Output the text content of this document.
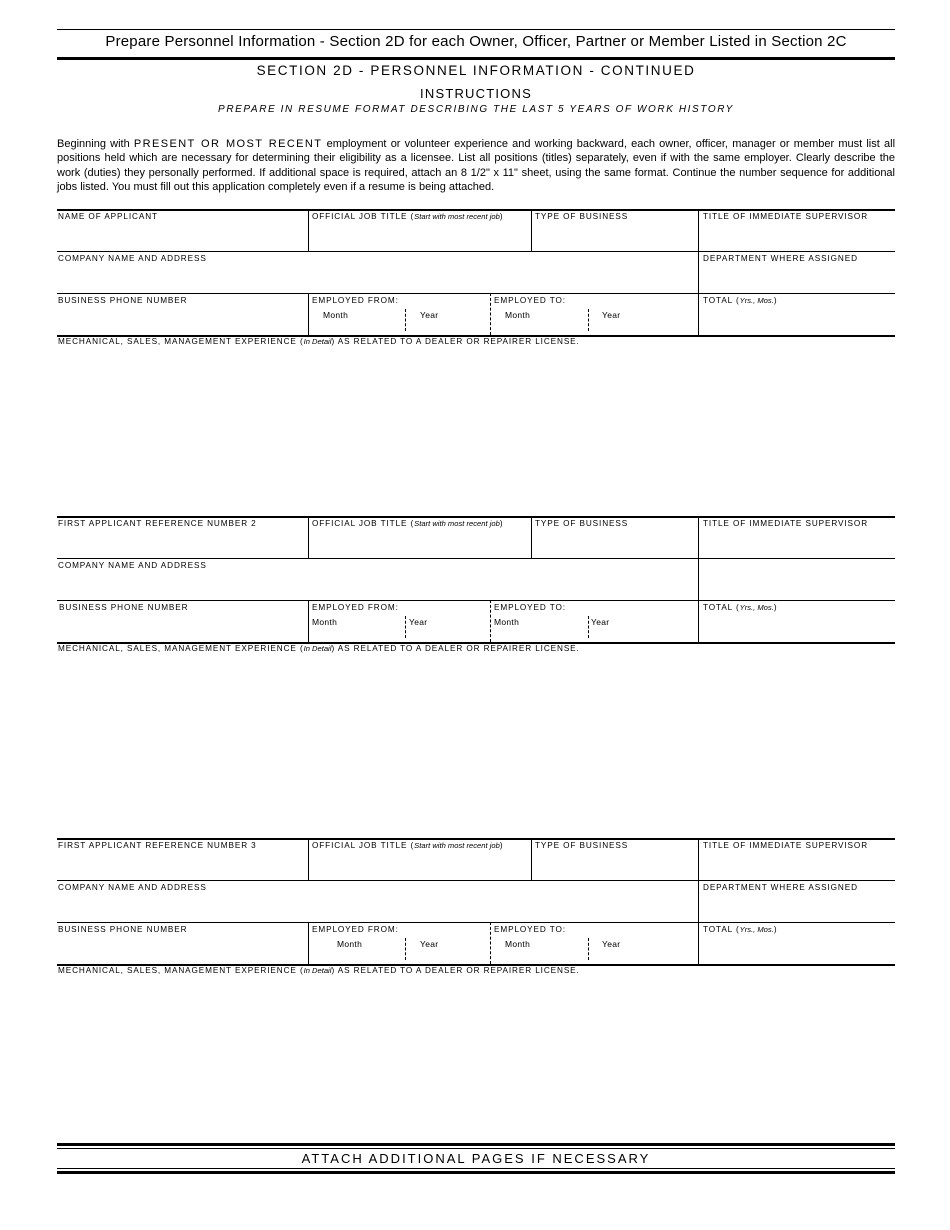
Prepare Personnel Information - Section 2D for each Owner, Officer, Partner or Member Listed in Section 2C
SECTION 2D - PERSONNEL INFORMATION - CONTINUED
INSTRUCTIONS
PREPARE IN RESUME FORMAT DESCRIBING THE LAST 5 YEARS OF WORK HISTORY
Beginning with PRESENT OR MOST RECENT employment or volunteer experience and working backward, each owner, officer, manager or member must list all positions held which are necessary for determining their eligibility as a licensee. List all positions (titles) separately, even if with the same employer. Clearly describe the work (duties) they personally performed. If additional space is required, attach an 8 1/2" x 11" sheet, using the same format. Continue the number sequence for additional jobs listed. You must fill out this application completely even if a resume is being attached.
NAME OF APPLICANT	OFFICIAL JOB TITLE (Start with most recent job)	TYPE OF BUSINESS	TITLE OF IMMEDIATE SUPERVISOR
COMPANY NAME AND ADDRESS	DEPARTMENT WHERE ASSIGNED
BUSINESS PHONE NUMBER	EMPLOYED FROM:	EMPLOYED TO:	TOTAL (Yrs., Mos.)
Month	Year	Month	Year
MECHANICAL, SALES, MANAGEMENT EXPERIENCE (In Detail) AS RELATED TO A DEALER OR REPAIRER LICENSE.
FIRST APPLICANT REFERENCE NUMBER 2	OFFICIAL JOB TITLE (Start with most recent job)	TYPE OF BUSINESS	TITLE OF IMMEDIATE SUPERVISOR
COMPANY NAME AND ADDRESS
BUSINESS PHONE NUMBER	EMPLOYED FROM:	EMPLOYED TO:	TOTAL (Yrs., Mos.)
Month	Year	Month	Year
MECHANICAL, SALES, MANAGEMENT EXPERIENCE (In Detail) AS RELATED TO A DEALER OR REPAIRER LICENSE.
FIRST APPLICANT REFERENCE NUMBER 3	OFFICIAL JOB TITLE (Start with most recent job)	TYPE OF BUSINESS	TITLE OF IMMEDIATE SUPERVISOR
COMPANY NAME AND ADDRESS	DEPARTMENT WHERE ASSIGNED
BUSINESS PHONE NUMBER	EMPLOYED FROM:	EMPLOYED TO:	TOTAL (Yrs., Mos.)
Month	Year	Month	Year
MECHANICAL, SALES, MANAGEMENT EXPERIENCE (In Detail) AS RELATED TO A DEALER OR REPAIRER LICENSE.
ATTACH ADDITIONAL PAGES IF NECESSARY
